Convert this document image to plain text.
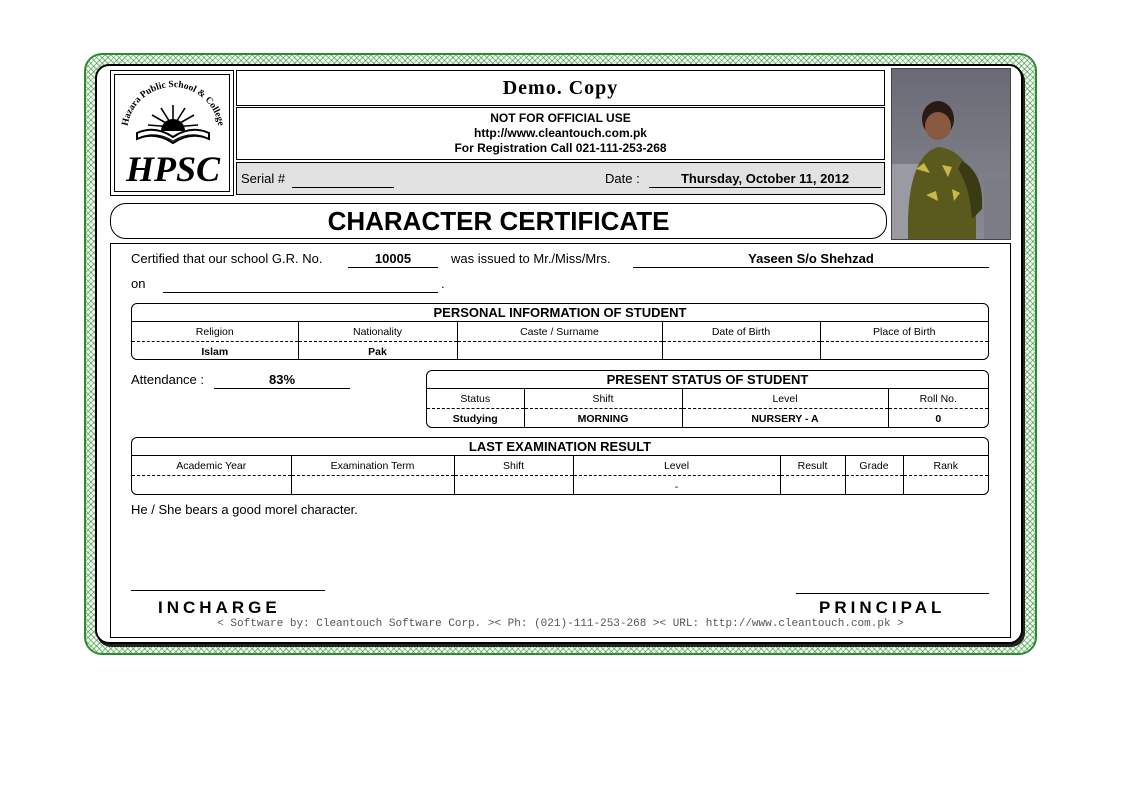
Hazara Public School & College
HPSC
Demo. Copy
NOT FOR OFFICIAL USE
http://www.cleantouch.com.pk
For Registration Call 021-111-253-268
Serial #	Date :	Thursday, October 11, 2012
CHARACTER CERTIFICATE
Certified that our school G.R. No.	10005	was issued to Mr./Miss/Mrs.	Yaseen S/o Shehzad
on	.
PERSONAL INFORMATION OF STUDENT
Religion	Nationality	Caste / Surname	Date of Birth	Place of Birth
Islam	Pak			
Attendance :	83%	PRESENT STATUS OF STUDENT
Status	Shift	Level	Roll No.
Studying	MORNING	NURSERY - A	0
LAST EXAMINATION RESULT
Academic Year	Examination Term	Shift	Level	Result	Grade	Rank
			-			
He / She bears a good morel character.
INCHARGE	PRINCIPAL
< Software by: Cleantouch Software Corp. >< Ph: (021)-111-253-268 >< URL: http://www.cleantouch.com.pk >
